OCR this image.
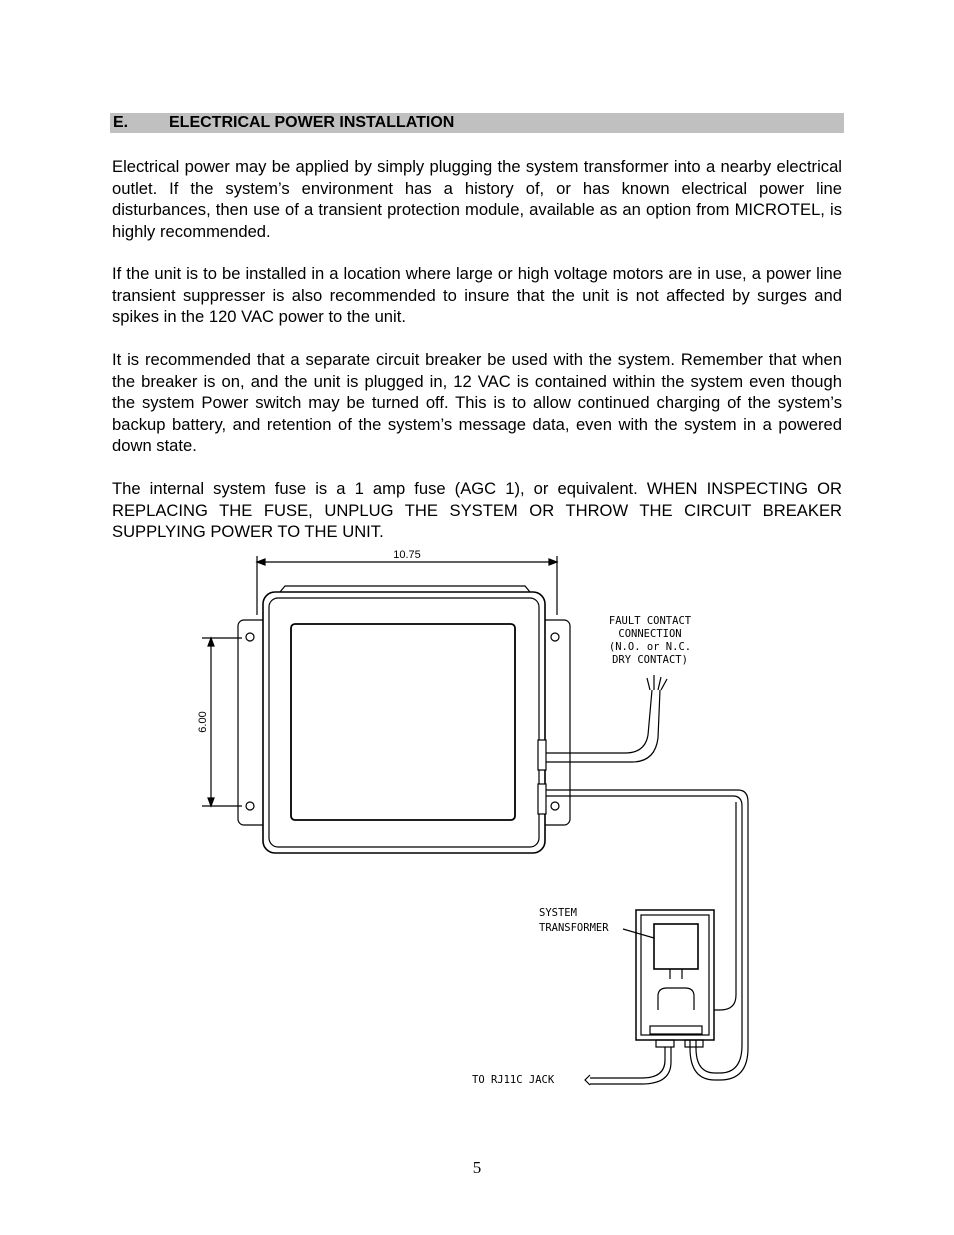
E.	ELECTRICAL POWER INSTALLATION

Electrical power may be applied by simply plugging the system transformer into a nearby electrical outlet. If the system’s environment has a history of, or has known electrical power line disturbances, then use of a transient protection module, available as an option from MICROTEL, is highly recommended.

If the unit is to be installed in a location where large or high voltage motors are in use, a power line transient suppresser is also recommended to insure that the unit is not affected by surges and spikes in the 120 VAC power to the unit.

It is recommended that a separate circuit breaker be used with the system. Remember that when the breaker is on, and the unit is plugged in, 12 VAC is contained within the system even though the system Power switch may be turned off. This is to allow continued charging of the system’s backup battery, and retention of the system’s message data, even with the system in a powered down state.

The internal system fuse is a 1 amp fuse (AGC 1), or equivalent. WHEN INSPECTING OR REPLACING THE FUSE, UNPLUG THE SYSTEM OR THROW THE CIRCUIT BREAKER SUPPLYING POWER TO THE UNIT.

10.75
6.00
FAULT CONTACT
CONNECTION
(N.O. or N.C.
DRY CONTACT)
SYSTEM
TRANSFORMER
TO RJ11C JACK
5
